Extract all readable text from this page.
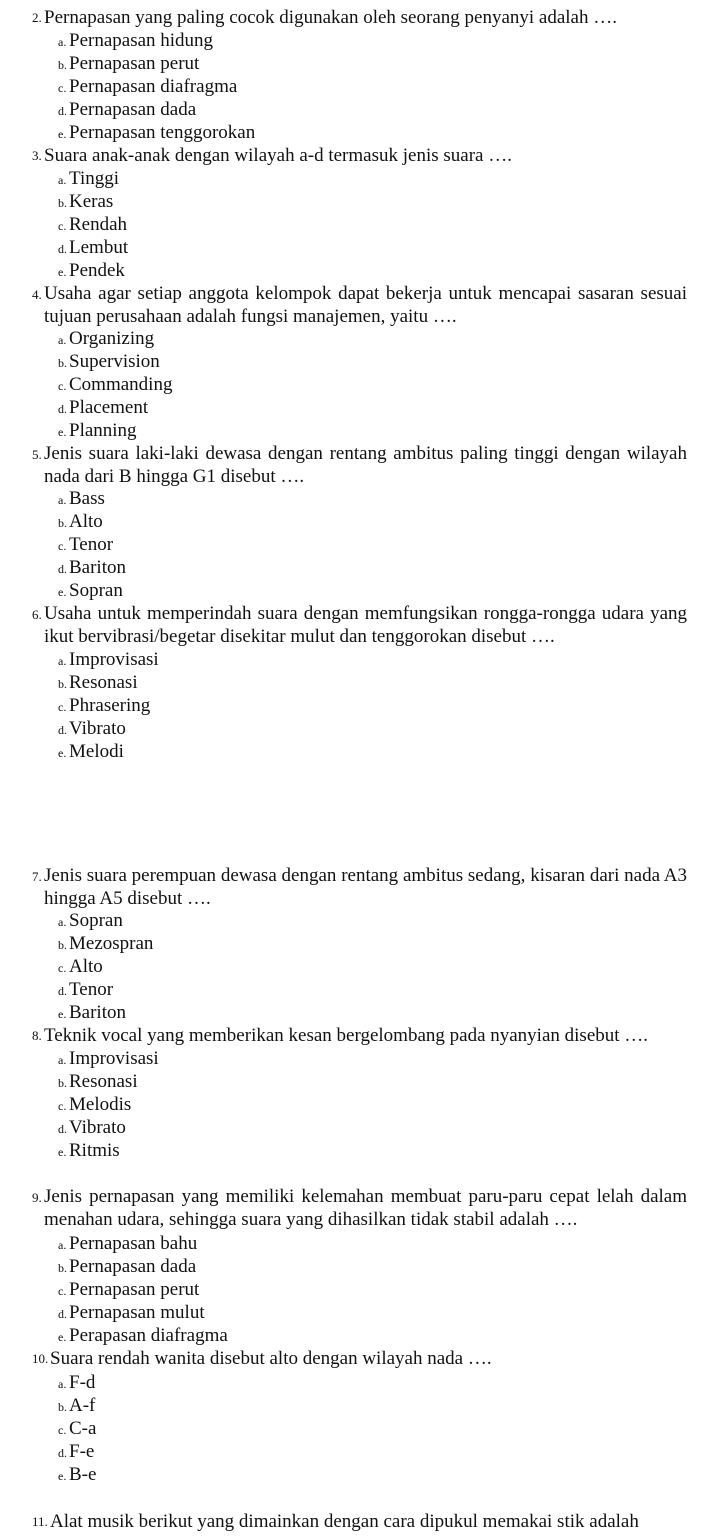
2. Pernapasan yang paling cocok digunakan oleh seorang penyanyi adalah ….
a. Pernapasan hidung
b. Pernapasan perut
c. Pernapasan diafragma
d. Pernapasan dada
e. Pernapasan tenggorokan
3. Suara anak-anak dengan wilayah a-d termasuk jenis suara ….
a. Tinggi
b. Keras
c. Rendah
d. Lembut
e. Pendek
4. Usaha agar setiap anggota kelompok dapat bekerja untuk mencapai sasaran sesuai tujuan perusahaan adalah fungsi manajemen, yaitu ….
a. Organizing
b. Supervision
c. Commanding
d. Placement
e. Planning
5. Jenis suara laki-laki dewasa dengan rentang ambitus paling tinggi dengan wilayah nada dari B hingga G1 disebut ….
a. Bass
b. Alto
c. Tenor
d. Bariton
e. Sopran
6. Usaha untuk memperindah suara dengan memfungsikan rongga-rongga udara yang ikut bervibrasi/begetar disekitar mulut dan tenggorokan disebut ….
a. Improvisasi
b. Resonasi
c. Phrasering
d. Vibrato
e. Melodi
7. Jenis suara perempuan dewasa dengan rentang ambitus sedang, kisaran dari nada A3 hingga A5 disebut ….
a. Sopran
b. Mezospran
c. Alto
d. Tenor
e. Bariton
8. Teknik vocal yang memberikan kesan bergelombang pada nyanyian disebut ….
a. Improvisasi
b. Resonasi
c. Melodis
d. Vibrato
e. Ritmis
9. Jenis pernapasan yang memiliki kelemahan membuat paru-paru cepat lelah dalam menahan udara, sehingga suara yang dihasilkan tidak stabil adalah ….
a. Pernapasan bahu
b. Pernapasan dada
c. Pernapasan perut
d. Pernapasan mulut
e. Perapasan diafragma
10. Suara rendah wanita disebut alto dengan wilayah nada ….
a. F-d
b. A-f
c. C-a
d. F-e
e. B-e
11. Alat musik berikut yang dimainkan dengan cara dipukul memakai stik adalah
